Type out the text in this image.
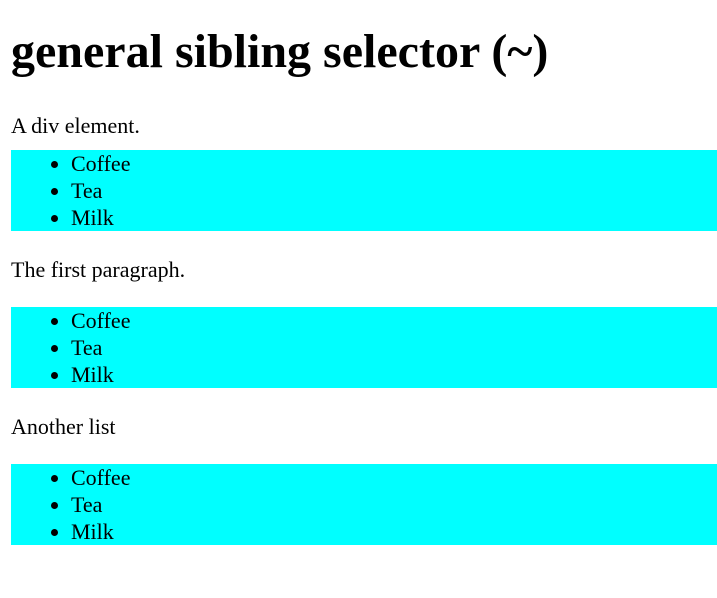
general sibling selector (~)

A div element.

• Coffee
• Tea
• Milk

The first paragraph.

• Coffee
• Tea
• Milk

Another list

• Coffee
• Tea
• Milk
